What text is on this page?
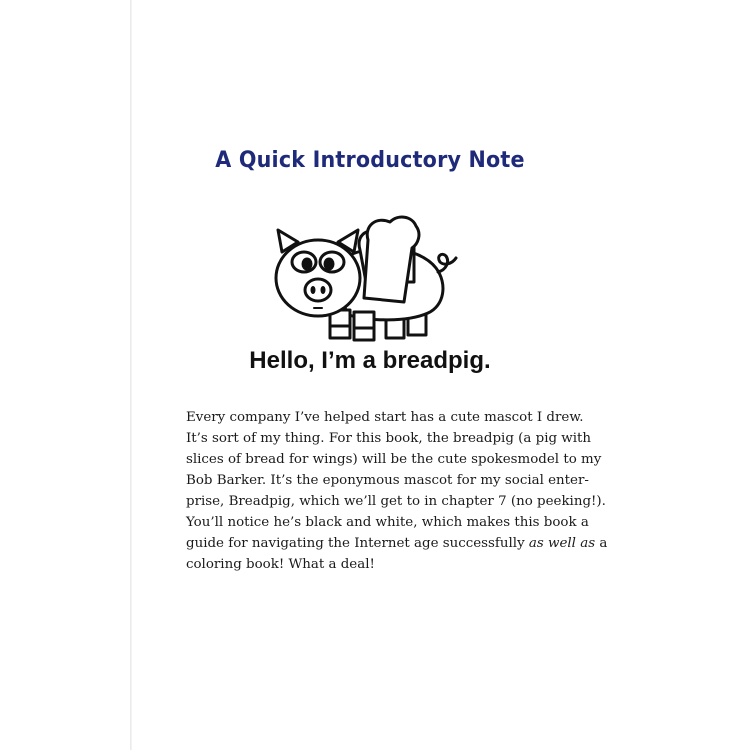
A Quick Introductory Note
Hello, I’m a breadpig.
Every company I’ve helped start has a cute mascot I drew.
It’s sort of my thing. For this book, the breadpig (a pig with
slices of bread for wings) will be the cute spokesmodel to my
Bob Barker. It’s the eponymous mascot for my social enter-
prise, Breadpig, which we’ll get to in chapter 7 (no peeking!).
You’ll notice he’s black and white, which makes this book a
guide for navigating the Internet age successfully as well as a
coloring book! What a deal!
